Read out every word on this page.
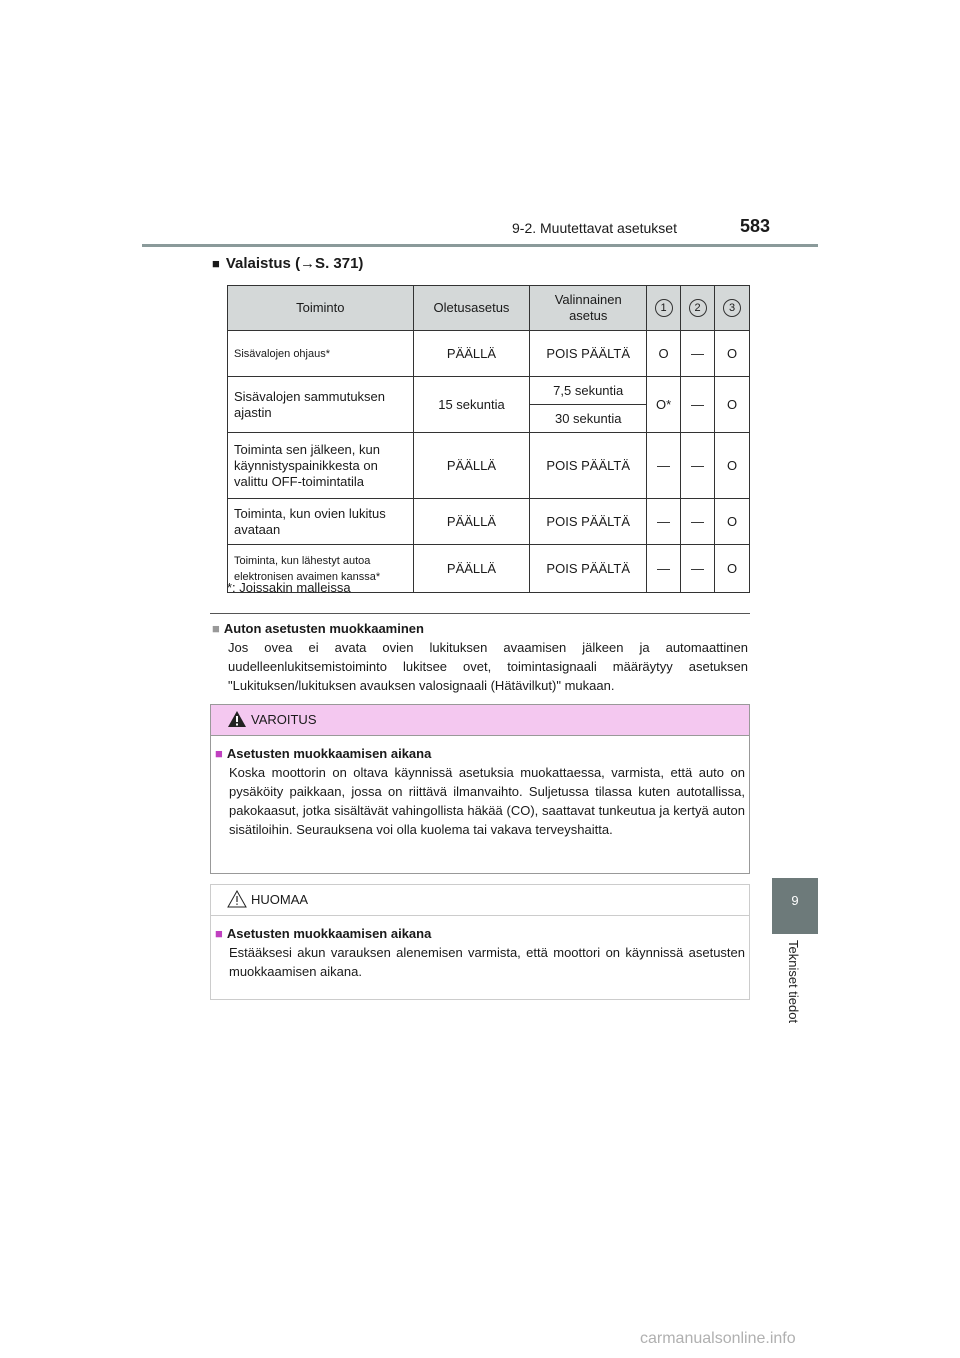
9-2. Muutettavat asetukset	583
9
Tekniset tiedot
■ Valaistus (→S. 371)
Toiminto	Oletusasetus	Valinnainen asetus	1	2	3
Sisävalojen ohjaus*	PÄÄLLÄ	POIS PÄÄLTÄ	O	—	O
Sisävalojen sammutuksen ajastin	15 sekuntia	7,5 sekuntia	O*	—	O
		30 sekuntia			
Toiminta sen jälkeen, kun käynnistyspainikkesta on valittu OFF-toimintatila	PÄÄLLÄ	POIS PÄÄLTÄ	—	—	O
Toiminta, kun ovien lukitus avataan	PÄÄLLÄ	POIS PÄÄLTÄ	—	—	O
Toiminta, kun lähestyt autoa elektronisen avaimen kanssa*	PÄÄLLÄ	POIS PÄÄLTÄ	—	—	O
*: Joissakin malleissa
■ Auton asetusten muokkaaminen
Jos ovea ei avata ovien lukituksen avaamisen jälkeen ja automaattinen uudelleenlukitsemistoiminto lukitsee ovet, toimintasignaali määräytyy asetuksen "Lukituksen/lukituksen avauksen valosignaali (Hätävilkut)" mukaan.
VAROITUS
■ Asetusten muokkaamisen aikana
Koska moottorin on oltava käynnissä asetuksia muokattaessa, varmista, että auto on pysäköity paikkaan, jossa on riittävä ilmanvaihto. Suljetussa tilassa kuten autotallissa, pakokaasut, jotka sisältävät vahingollista häkää (CO), saattavat tunkeutua ja kertyä auton sisätiloihin. Seurauksena voi olla kuolema tai vakava terveyshaitta.
HUOMAA
■ Asetusten muokkaamisen aikana
Estääksesi akun varauksen alenemisen varmista, että moottori on käynnissä asetusten muokkaamisen aikana.
carmanualsonline.info
